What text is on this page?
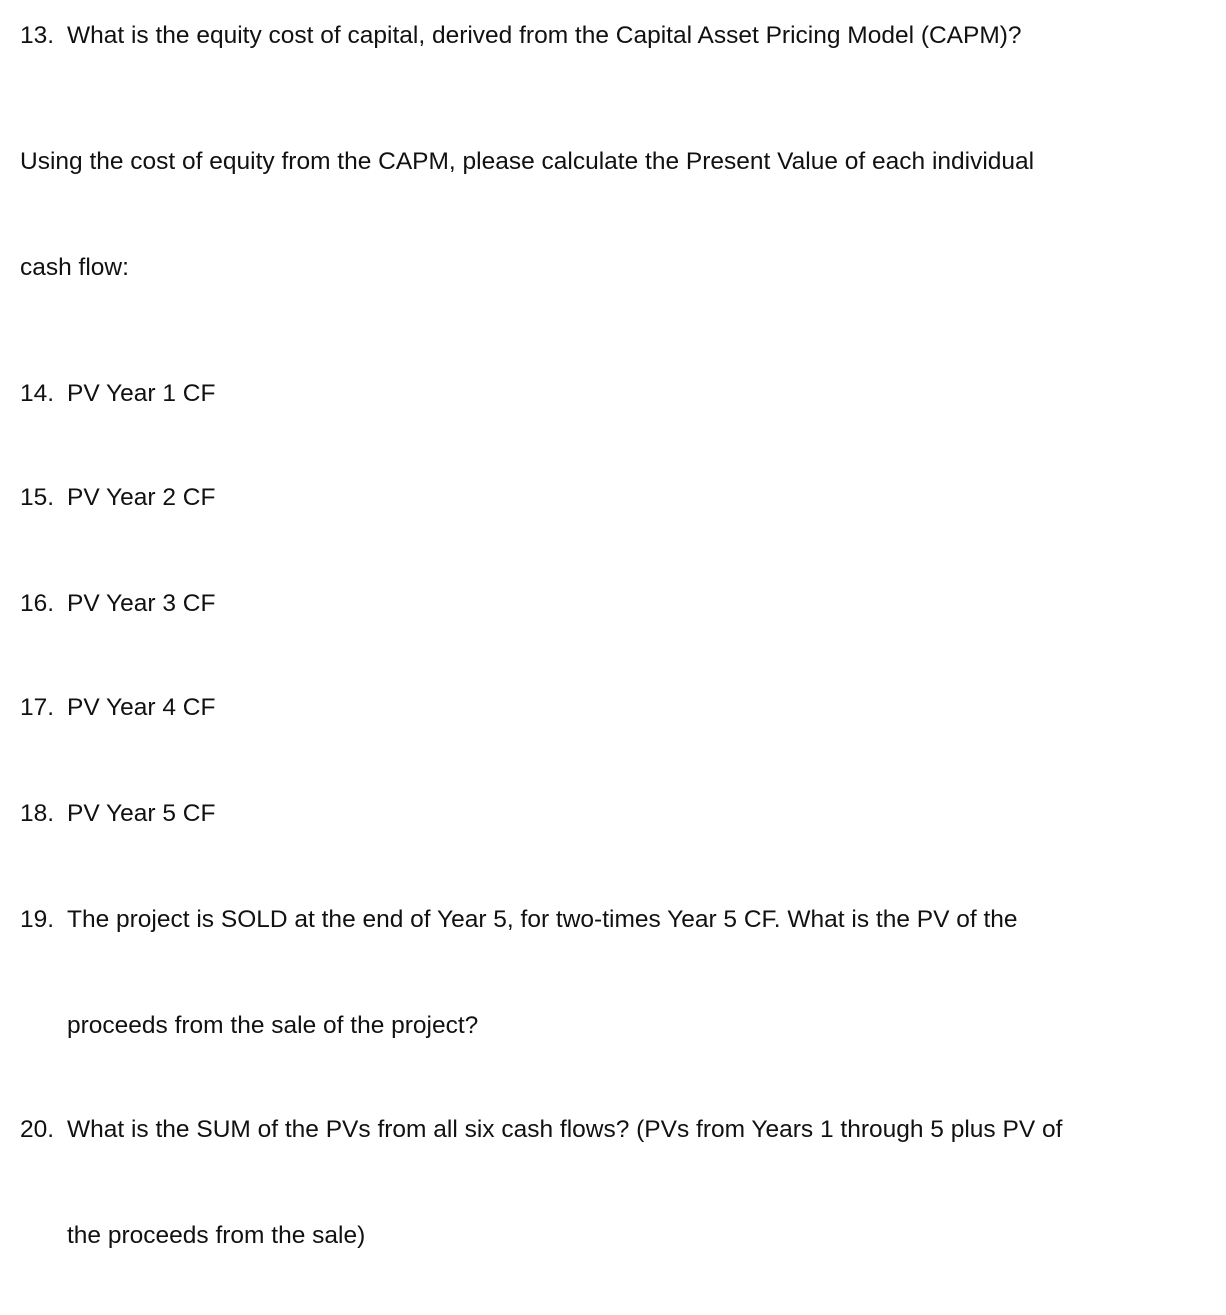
13. What is the equity cost of capital, derived from the Capital Asset Pricing Model (CAPM)?
Using the cost of equity from the CAPM, please calculate the Present Value of each individual
cash flow:
14. PV Year 1 CF
15. PV Year 2 CF
16. PV Year 3 CF
17. PV Year 4 CF
18. PV Year 5 CF
19. The project is SOLD at the end of Year 5, for two-times Year 5 CF. What is the PV of the
proceeds from the sale of the project?
20. What is the SUM of the PVs from all six cash flows? (PVs from Years 1 through 5 plus PV of
the proceeds from the sale)
